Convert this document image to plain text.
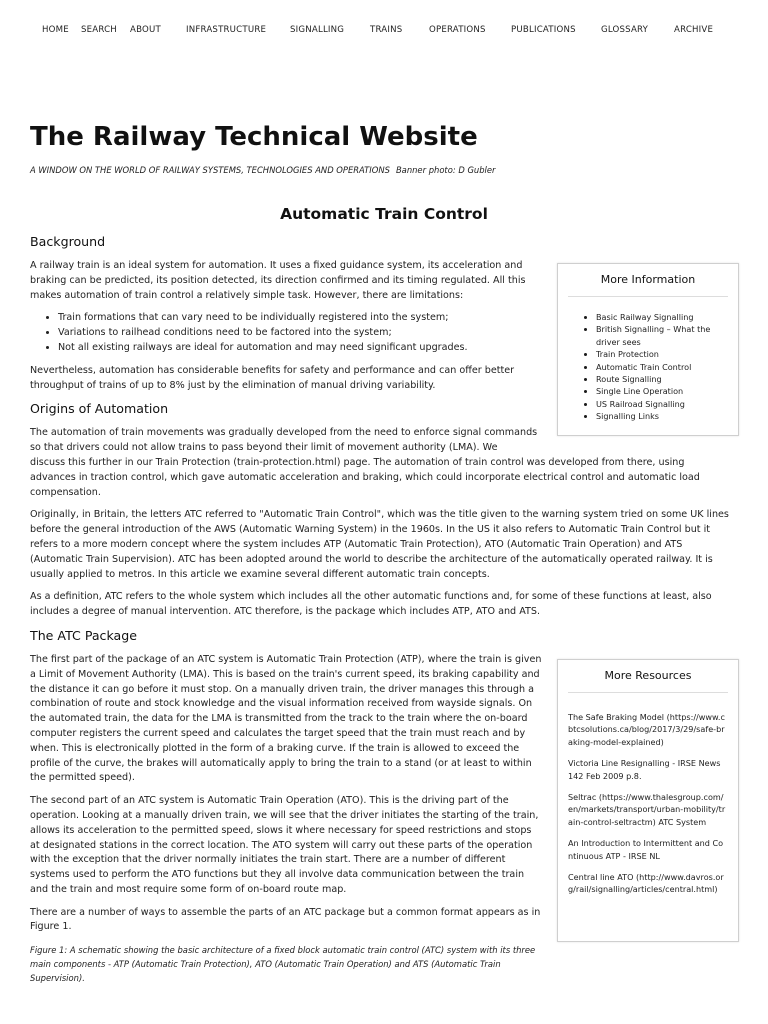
HOME SEARCH ABOUT	INFRASTRUCTURE	SIGNALLING	TRAINS	OPERATIONS	PUBLICATIONS	GLOSSARY	ARCHIVE
The Railway Technical Website

A WINDOW ON THE WORLD OF RAILWAY SYSTEMS, TECHNOLOGIES AND OPERATIONS Banner photo: D Gubler

Automatic Train Control
Background

A railway train is an ideal system for automation. It uses a fixed guidance system, its acceleration and braking can be predicted, its position detected, its direction confirmed and its timing regulated. All this makes automation of train control a relatively simple task. However, there are limitations:

• Train formations that can vary need to be individually registered into the system;
• Variations to railhead conditions need to be factored into the system;
• Not all existing railways are ideal for automation and may need significant upgrades.

Nevertheless, automation has considerable benefits for safety and performance and can offer better throughput of trains of up to 8% just by the elimination of manual driving variability.

Origins of Automation

The automation of train movements was gradually developed from the need to enforce signal commands so that drivers could not allow trains to pass beyond their limit of movement authority (LMA). We
discuss this further in our Train Protection (train-protection.html) page. The automation of train control was developed from there, using advances in traction control, which gave automatic acceleration and braking, which could incorporate electrical control and automatic load compensation.

Originally, in Britain, the letters ATC referred to "Automatic Train Control", which was the title given to the warning system tried on some UK lines before the general introduction of the AWS (Automatic Warning System) in the 1960s. In the US it also refers to Automatic Train Control but it refers to a more modern concept where the system includes ATP (Automatic Train Protection), ATO (Automatic Train Operation) and ATS (Automatic Train Supervision). ATC has been adopted around the world to describe the architecture of the automatically operated railway. It is usually applied to metros. In this article we examine several different automatic train concepts.

As a definition, ATC refers to the whole system which includes all the other automatic functions and, for some of these functions at least, also includes a degree of manual intervention. ATC therefore, is the package which includes ATP, ATO and ATS.

The ATC Package

The first part of the package of an ATC system is Automatic Train Protection (ATP), where the train is given a Limit of Movement Authority (LMA). This is based on the train's current speed, its braking capability and the distance it can go before it must stop. On a manually driven train, the driver manages this through a combination of route and stock knowledge and the visual information received from wayside signals. On the automated train, the data for the LMA is transmitted from the track to the train where the on-board computer registers the current speed and calculates the target speed that the train must reach and by when. This is electronically plotted in the form of a braking curve. If the train is allowed to exceed the profile of the curve, the brakes will automatically apply to bring the train to a stand (or at least to within the permitted speed).

The second part of an ATC system is Automatic Train Operation (ATO). This is the driving part of the operation. Looking at a manually driven train, we will see that the driver initiates the starting of the train, allows its acceleration to the permitted speed, slows it where necessary for speed restrictions and stops at designated stations in the correct location. The ATO system will carry out these parts of the operation with the exception that the driver normally initiates the train start. There are a number of different systems used to perform the ATO functions but they all involve data communication between the train and the train and most require some form of on-board route map.

There are a number of ways to assemble the parts of an ATC package but a common format appears as in Figure 1.

Figure 1: A schematic showing the basic architecture of a fixed block automatic train control (ATC) system with its three main components - ATP (Automatic Train Protection), ATO (Automatic Train Operation) and ATS (Automatic Train Supervision).

More Information
• Basic Railway Signalling
• British Signalling – What the driver sees
• Train Protection
• Automatic Train Control
• Route Signalling
• Single Line Operation
• US Railroad Signalling
• Signalling Links
More Resources
The Safe Braking Model (https://www.cbtcsolutions.ca/blog/2017/3/29/safe-braking-model-explained)
Victoria Line Resignalling - IRSE News 142 Feb 2009 p.8.
Seltrac (https://www.thalesgroup.com/en/markets/transport/urban-mobility/train-control-seltractm) ATC System
An Introduction to Intermittent and Continuous ATP - IRSE NL
Central line ATO (http://www.davros.org/rail/signalling/articles/central.html)
